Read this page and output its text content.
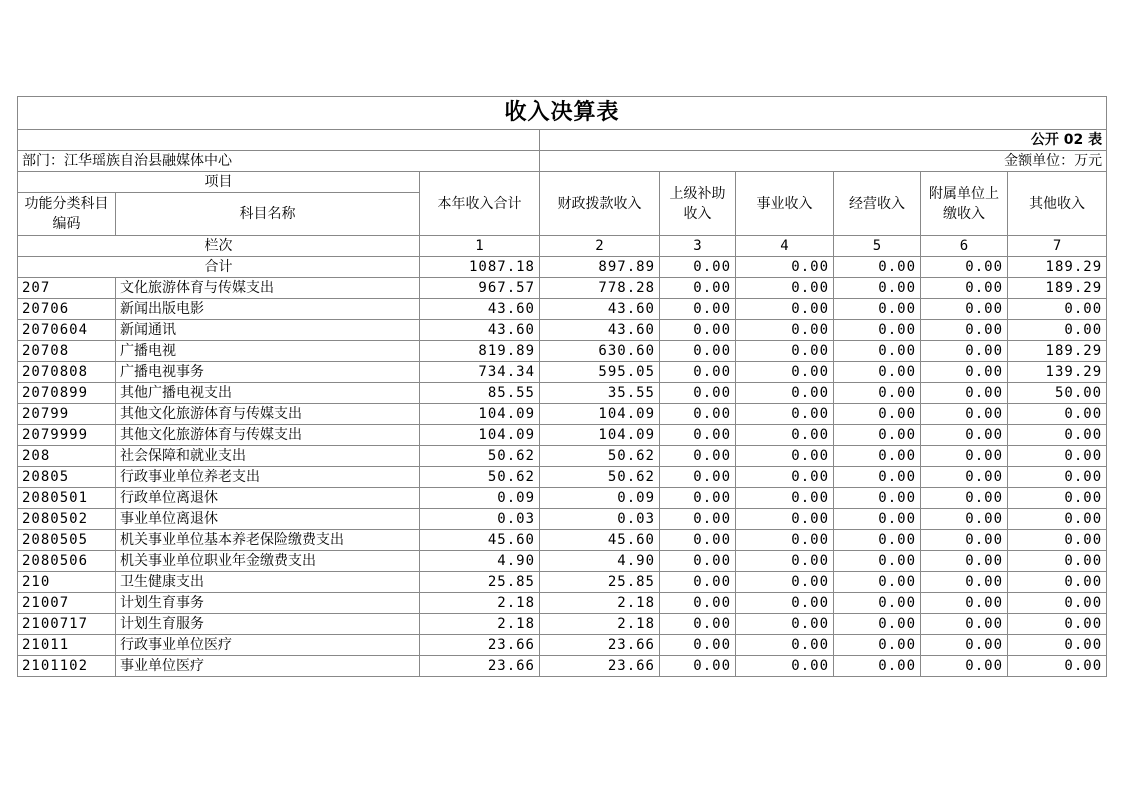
收入决算表								
			公开 02 表					
部门：江华瑶族自治县融媒体中心			金额单位：万元					
项目		本年收入合计	财政拨款收入	上级补助收入	事业收入	经营收入	附属单位上缴收入	其他收入
功能分类科目编码	科目名称							
栏次		1	2	3	4	5	6	7
合计		1087.18	897.89	0.00	0.00	0.00	0.00	189.29
207	文化旅游体育与传媒支出	967.57	778.28	0.00	0.00	0.00	0.00	189.29
20706	新闻出版电影	43.60	43.60	0.00	0.00	0.00	0.00	0.00
2070604	新闻通讯	43.60	43.60	0.00	0.00	0.00	0.00	0.00
20708	广播电视	819.89	630.60	0.00	0.00	0.00	0.00	189.29
2070808	广播电视事务	734.34	595.05	0.00	0.00	0.00	0.00	139.29
2070899	其他广播电视支出	85.55	35.55	0.00	0.00	0.00	0.00	50.00
20799	其他文化旅游体育与传媒支出	104.09	104.09	0.00	0.00	0.00	0.00	0.00
2079999	其他文化旅游体育与传媒支出	104.09	104.09	0.00	0.00	0.00	0.00	0.00
208	社会保障和就业支出	50.62	50.62	0.00	0.00	0.00	0.00	0.00
20805	行政事业单位养老支出	50.62	50.62	0.00	0.00	0.00	0.00	0.00
2080501	行政单位离退休	0.09	0.09	0.00	0.00	0.00	0.00	0.00
2080502	事业单位离退休	0.03	0.03	0.00	0.00	0.00	0.00	0.00
2080505	机关事业单位基本养老保险缴费支出	45.60	45.60	0.00	0.00	0.00	0.00	0.00
2080506	机关事业单位职业年金缴费支出	4.90	4.90	0.00	0.00	0.00	0.00	0.00
210	卫生健康支出	25.85	25.85	0.00	0.00	0.00	0.00	0.00
21007	计划生育事务	2.18	2.18	0.00	0.00	0.00	0.00	0.00
2100717	计划生育服务	2.18	2.18	0.00	0.00	0.00	0.00	0.00
21011	行政事业单位医疗	23.66	23.66	0.00	0.00	0.00	0.00	0.00
2101102	事业单位医疗	23.66	23.66	0.00	0.00	0.00	0.00	0.00
